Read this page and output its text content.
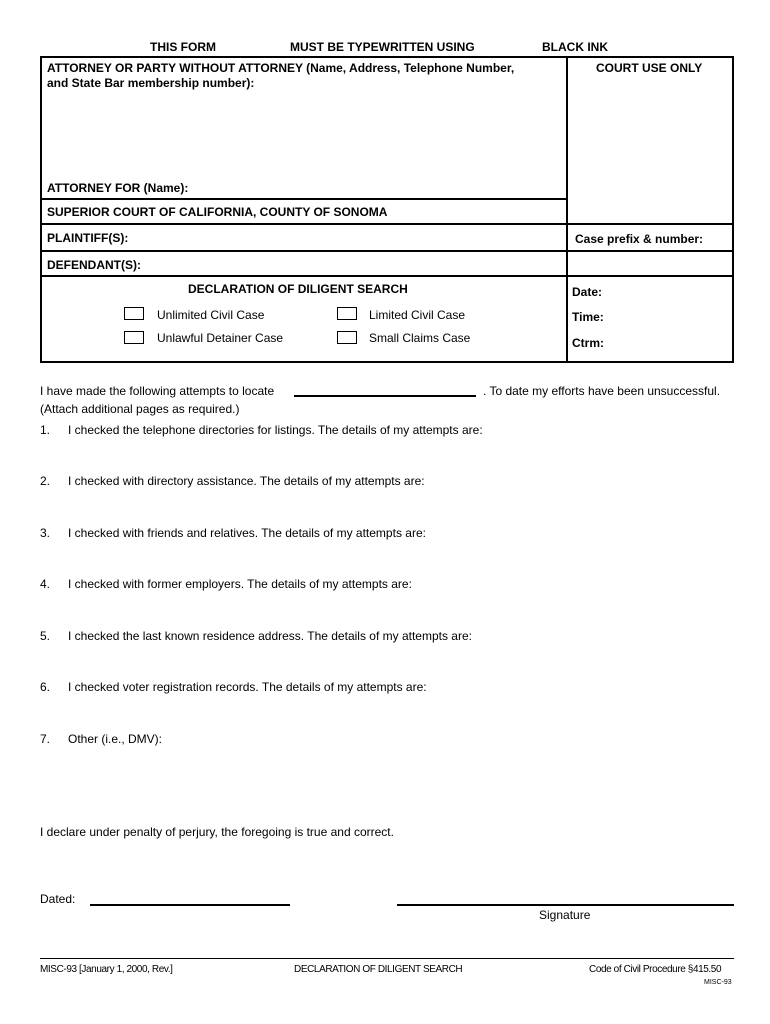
THIS FORM	MUST BE TYPEWRITTEN USING	BLACK INK
ATTORNEY OR PARTY WITHOUT ATTORNEY (Name, Address, Telephone Number,
and State Bar membership number):
COURT USE ONLY
ATTORNEY FOR (Name):
SUPERIOR COURT OF CALIFORNIA, COUNTY OF SONOMA
PLAINTIFF(S):	Case prefix & number:
DEFENDANT(S):
DECLARATION OF DILIGENT SEARCH	Date:
Time:
Ctrm:
Unlimited Civil Case	Limited Civil Case
Unlawful Detainer Case	Small Claims Case
I have made the following attempts to locate	. To date my efforts have been unsuccessful.
(Attach additional pages as required.)
1. I checked the telephone directories for listings. The details of my attempts are:
2. I checked with directory assistance. The details of my attempts are:
3. I checked with friends and relatives. The details of my attempts are:
4. I checked with former employers. The details of my attempts are:
5. I checked the last known residence address. The details of my attempts are:
6. I checked voter registration records. The details of my attempts are:
7. Other (i.e., DMV):
I declare under penalty of perjury, the foregoing is true and correct.
Dated:
Signature
MISC-93 [January 1, 2000, Rev.]	DECLARATION OF DILIGENT SEARCH	Code of Civil Procedure §415.50
MISC-93
